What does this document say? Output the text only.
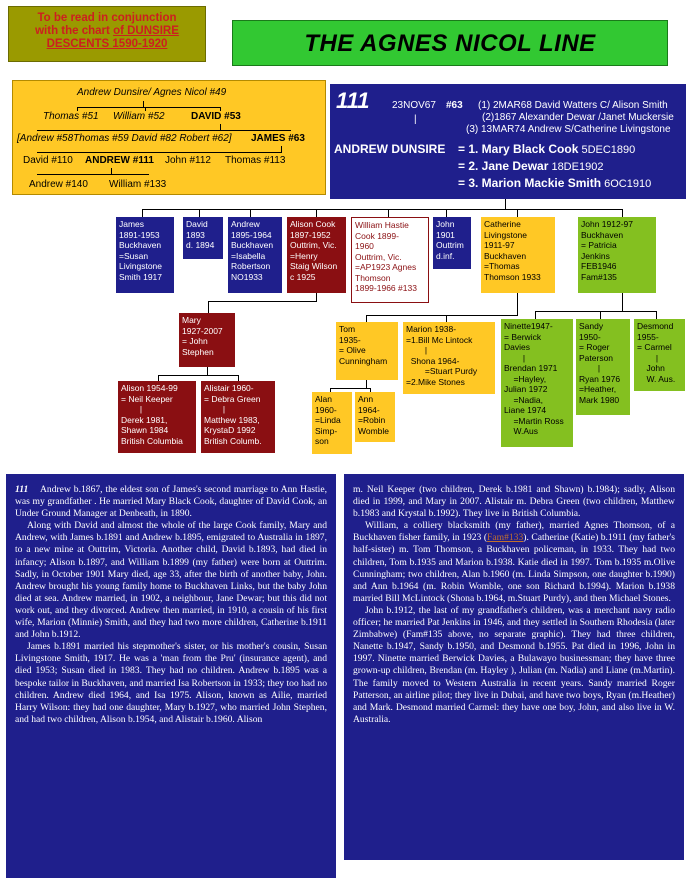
To be read in conjunction
with the chart of DUNSIRE
DESCENTS 1590-1920	THE AGNES NICOL LINE
Andrew Dunsire/ Agnes Nicol #49
Thomas #51 William #52	DAVID #53
[Andrew #58Thomas #59 David #82 Robert #62] JAMES #63
David #110 ANDREW #111 John #112 Thomas #113
Andrew #140 William #133
111 23NOV67 #63 (1) 2MAR68 David Watters C/ Alison Smith
(2)1867 Alexander Dewar /Janet Muckersie
(3) 13MAR74 Andrew S/Catherine Livingstone
|
ANDREW DUNSIRE = 1. Mary Black Cook 5DEC1890
= 2. Jane Dewar 18DE1902
= 3. Marion Mackie Smith 6OC1910
James
1891-1953
Buckhaven
=Susan
Livingstone
Smith 1917
David
1893
d. 1894
Andrew
1895-1964
Buckhaven
=Isabella
Robertson
NO1933
Alison Cook
1897-1952
Outtrim, Vic.
=Henry
Staig Wilson
c 1925
William Hastie
Cook 1899-
1960
Outtrim, Vic.
=AP1923 Agnes
Thomson
1899-1966 #133
John
1901
Outtrim
d.inf.
Catherine
Livingstone
1911-97
Buckhaven
=Thomas
Thomson 1933
John 1912-97
Buckhaven
= Patricia
Jenkins
FEB1946
Fam#135
Mary
1927-2007
= John
Stephen
Alison 1954-99
= Neil Keeper
|
Derek 1981,
Shawn 1984
British Columbia
Alistair 1960-
= Debra Green
|
Matthew 1983,
KrystaD 1992
British Columb.
Tom
1935-
= Olive
Cunningham
Marion 1938-
=1.Bill Mc Lintock
|
Shona 1964-
=Stuart Purdy
=2.Mike Stones
Alan
1960-
=Linda
Simp-
son
Ann
1964-
=Robin
Womble
Ninette1947-
= Berwick
Davies
|
Brendan 1971
=Hayley,
Julian 1972
=Nadia,
Liane 1974
=Martin Ross
W.Aus
Sandy
1950-
= Roger
Paterson
|
Ryan 1976
=Heather,
Mark 1980
Desmond
1955-
= Carmel
|
John
W. Aus.

111 Andrew b.1867, the eldest son of James's second marriage to Ann Hastie, was my grandfather . He married Mary Black Cook, daughter of David Cook, an Under Ground Manager at Denbeath, in 1890.

Along with David and almost the whole of the large Cook family, Mary and Andrew, with James b.1891 and Andrew b.1895, emigrated to Australia in 1897, to a new mine at Outtrim, Victoria. Another child, David b.1893, had died in infancy; Alison b.1897, and William b.1899 (my father) were born at Outtrim. Sadly, in October 1901 Mary died, age 33, after the birth of another baby, John. Andrew brought his young family home to Buckhaven Links, but the baby John died at sea. Andrew married, in 1902, a neighbour, Jane Dewar; but this did not work out, and they divorced. Andrew then married, in 1910, a cousin of his first wife, Marion (Minnie) Smith, and they had two more children, Catherine b.1911 and John b.1912.

James b.1891 married his stepmother's sister, or his mother's cousin, Susan Livingstone Smith, 1917. He was a 'man from the Pru' (insurance agent), and died 1953; Susan died in 1983. They had no children. Andrew b.1895 was a bespoke tailor in Buckhaven, and married Isa Robertson in 1933; they too had no children. Andrew died 1964, and Isa 1975. Alison, known as Ailie, married Harry Wilson: they had one daughter, Mary b.1927, who married John Stephen, and had two children, Alison b.1954, and Alistair b.1960. Alison

m. Neil Keeper (two children, Derek b.1981 and Shawn) b.1984); sadly, Alison died in 1999, and Mary in 2007. Alistair m. Debra Green (two children, Matthew b.1983 and Krystal b.1992). They live in British Columbia.

William, a colliery blacksmith (my father), married Agnes Thomson, of a Buckhaven fisher family, in 1923 (Fam#133). Catherine (Katie) b.1911 (my father's half-sister) m. Tom Thomson, a Buckhaven policeman, in 1933. They had two children, Tom b.1935 and Marion b.1938. Katie died in 1997. Tom b.1935 m.Olive Cunningham; two children, Alan b.1960 (m. Linda Simpson, one daughter b.1990) and Ann b.1964 (m. Robin Womble, one son Richard b.1994). Marion b.1938 married Bill McLintock (Shona b.1964, m.Stuart Purdy), and then Michael Stones.

John b.1912, the last of my grandfather's children, was a merchant navy radio officer; he married Pat Jenkins in 1946, and they settled in Southern Rhodesia (later Zimbabwe) (Fam#135 above, no separate graphic). They had three children, Nanette b.1947, Sandy b.1950, and Desmond b.1955. Pat died in 1996, John in 1997. Ninette married Berwick Davies, a Bulawayo businessman; they have three grown-up children, Brendan (m. Hayley ), Julian (m. Nadia) and Liane (m.Martin). The family moved to Western Australia in recent years. Sandy married Roger Patterson, an airline pilot; they live in Dubai, and have two boys, Ryan (m.Heather) and Mark. Desmond married Carmel: they have one boy, John, and also live in W. Australia.
